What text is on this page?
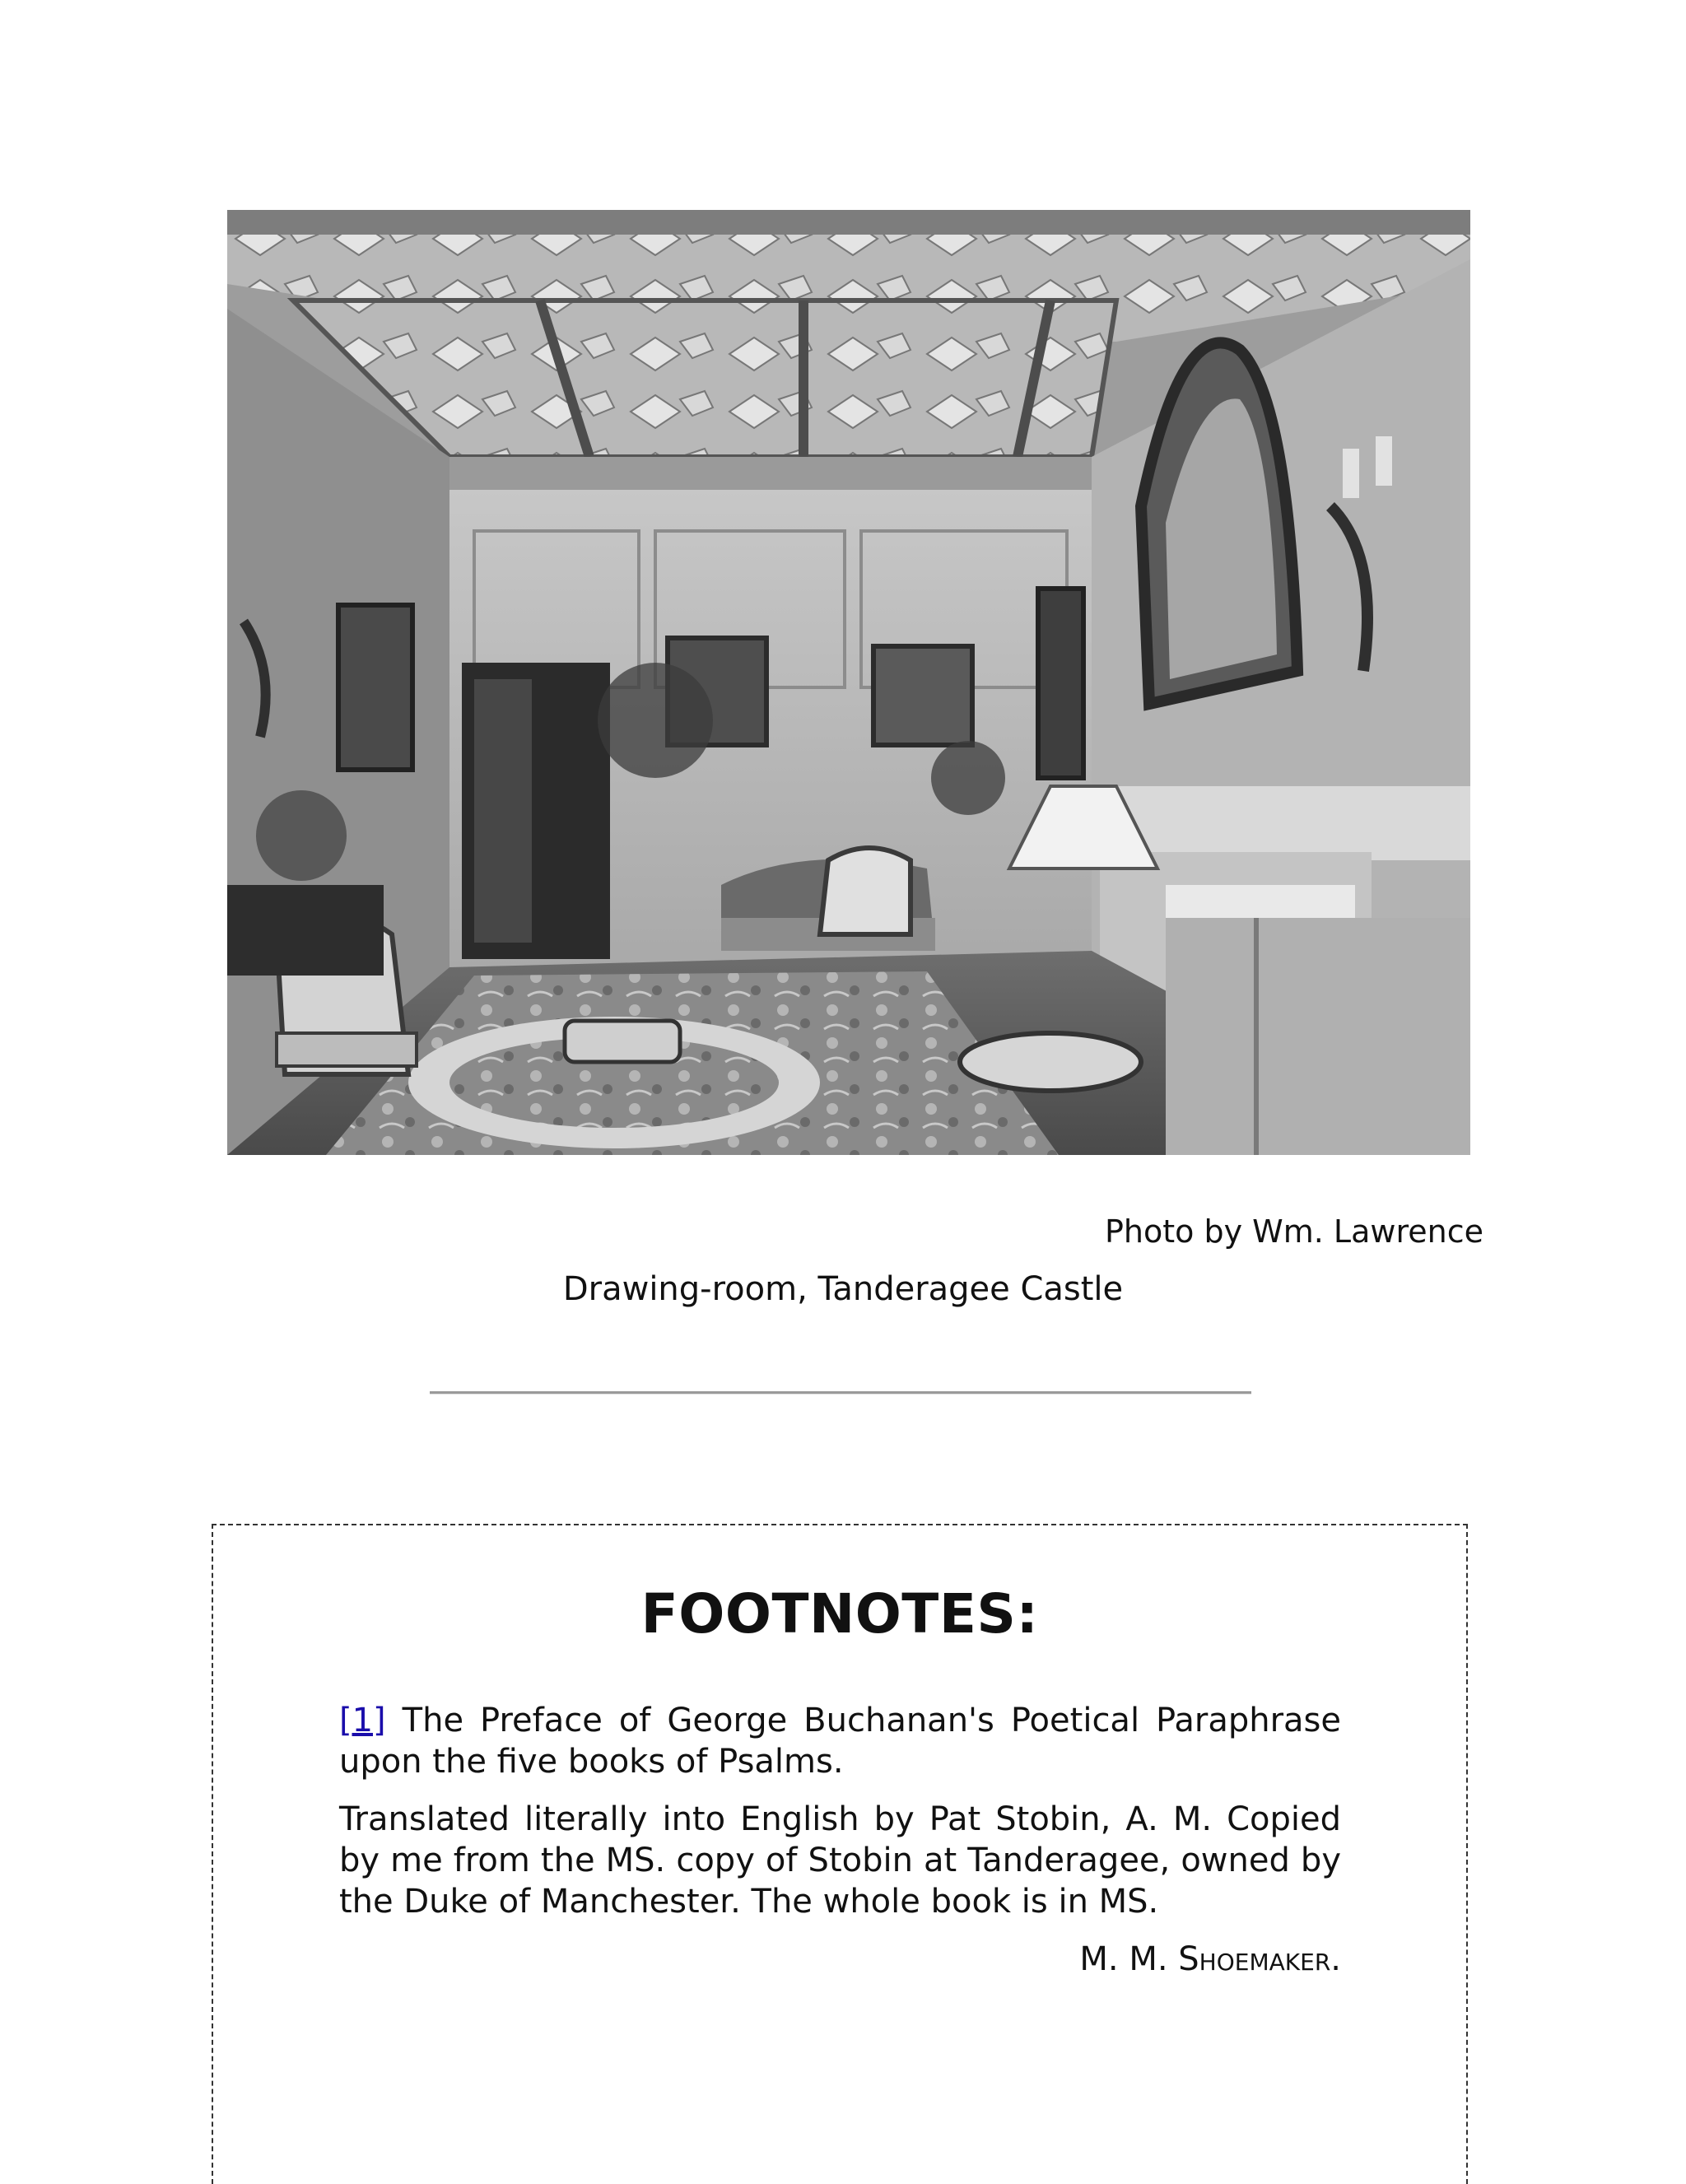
Photo by Wm. Lawrence
Drawing-room, Tanderagee Castle
FOOTNOTES:

[1] The Preface of George Buchanan's Poetical Paraphrase upon the five books of Psalms.

Translated literally into English by Pat Stobin, A. M. Copied by me from the MS. copy of Stobin at Tanderagee, owned by the Duke of Manchester. The whole book is in MS.

M. M. Shoemaker.
